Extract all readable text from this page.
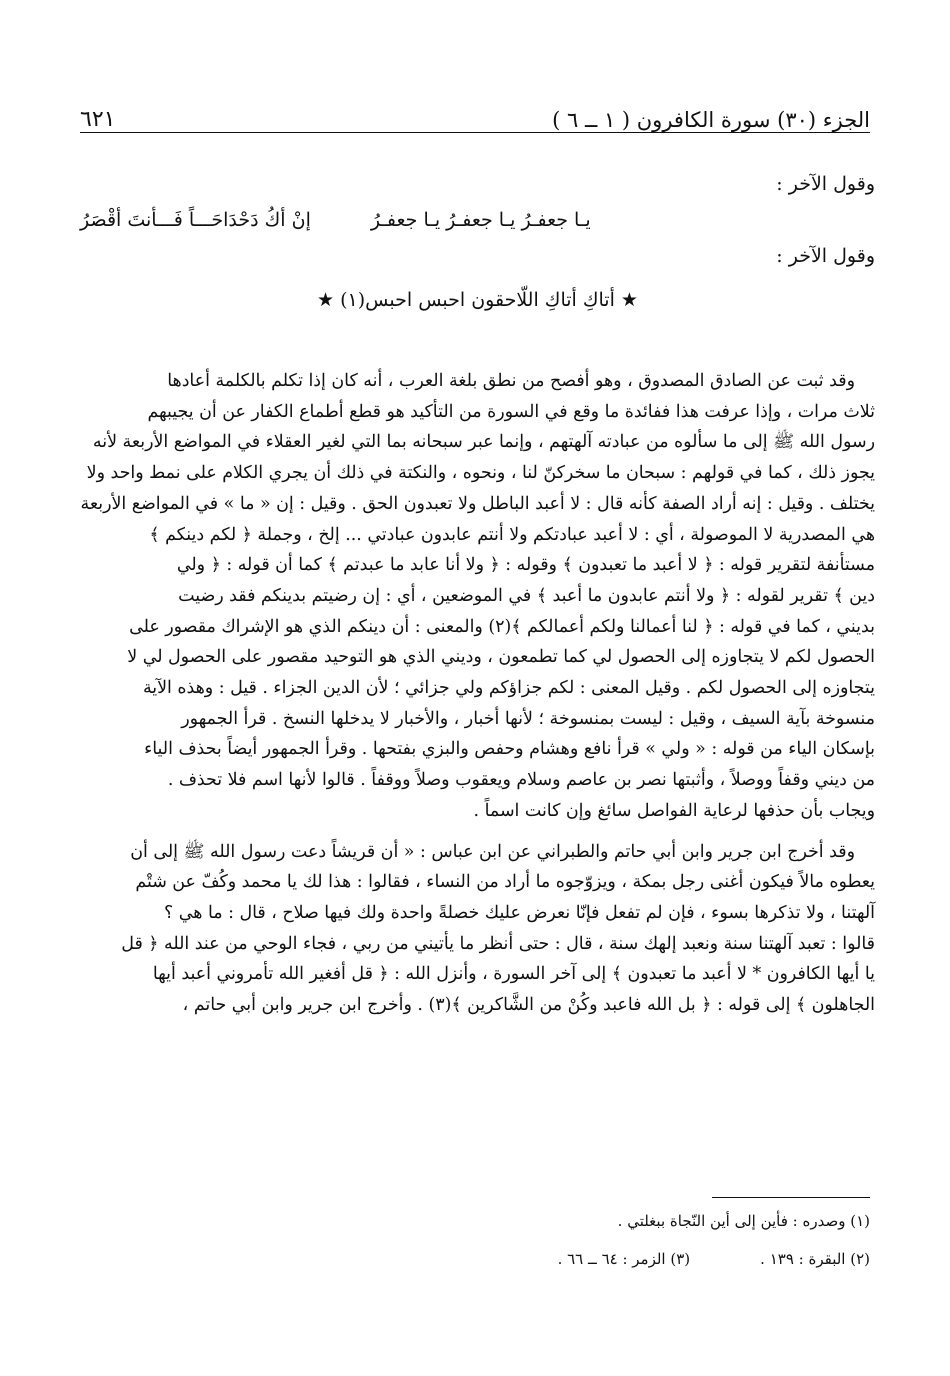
٦٢١	الجزء (٣٠) سورة الكافرون ( ١ ــ ٦ )
وقول الآخر :
يـا جعفـرُ يـا جعفـرُ يـا جعفـرُ
إنْ أكُ دَحْدَاحَـــاً فَـــأنتَ أقْصَرُ
وقول الآخر :
★ أتاكِ أتاكِ اللّاحقون احبس احبس(١) ★

وقد ثبت عن الصادق المصدوق ، وهو أفصح من نطق بلغة العرب ، أنه كان إذا تكلم بالكلمة أعادها
ثلاث مرات ، وإذا عرفت هذا ففائدة ما وقع في السورة من التأكيد هو قطع أطماع الكفار عن أن يجيبهم
رسول الله ﷺ إلى ما سألوه من عبادته آلهتهم ، وإنما عبر سبحانه بما التي لغير العقلاء في المواضع الأربعة لأنه
يجوز ذلك ، كما في قولهم : سبحان ما سخركنّ لنا ، ونحوه ، والنكتة في ذلك أن يجري الكلام على نمط واحد ولا
يختلف . وقيل : إنه أراد الصفة كأنه قال : لا أعبد الباطل ولا تعبدون الحق . وقيل : إن « ما » في المواضع الأربعة
هي المصدرية لا الموصولة ، أي : لا أعبد عبادتكم ولا أنتم عابدون عبادتي ... إلخ ، وجملة ﴿ لكم دينكم ﴾
مستأنفة لتقرير قوله : ﴿ لا أعبد ما تعبدون ﴾ وقوله : ﴿ ولا أنا عابد ما عبدتم ﴾ كما أن قوله : ﴿ ولي
دين ﴾ تقرير لقوله : ﴿ ولا أنتم عابدون ما أعبد ﴾ في الموضعين ، أي : إن رضيتم بدينكم فقد رضيت
بديني ، كما في قوله : ﴿ لنا أعمالنا ولكم أعمالكم ﴾(٢) والمعنى : أن دينكم الذي هو الإشراك مقصور على
الحصول لكم لا يتجاوزه إلى الحصول لي كما تطمعون ، وديني الذي هو التوحيد مقصور على الحصول لي لا
يتجاوزه إلى الحصول لكم . وقيل المعنى : لكم جزاؤكم ولي جزائي ؛ لأن الدين الجزاء . قيل : وهذه الآية
منسوخة بآية السيف ، وقيل : ليست بمنسوخة ؛ لأنها أخبار ، والأخبار لا يدخلها النسخ . قرأ الجمهور
بإسكان الياء من قوله : « ولي » قرأ نافع وهشام وحفص والبزي بفتحها . وقرأ الجمهور أيضاً بحذف الياء
من ديني وقفاً ووصلاً ، وأثبتها نصر بن عاصم وسلام ويعقوب وصلاً ووقفاً . قالوا لأنها اسم فلا تحذف .
ويجاب بأن حذفها لرعاية الفواصل سائغ وإن كانت اسماً .

وقد أخرج ابن جرير وابن أبي حاتم والطبراني عن ابن عباس : « أن قريشاً دعت رسول الله ﷺ إلى أن
يعطوه مالاً فيكون أغنى رجل بمكة ، ويزوّجوه ما أراد من النساء ، فقالوا : هذا لك يا محمد وكُفّ عن شتْم
آلهتنا ، ولا تذكرها بسوء ، فإن لم تفعل فإنّا نعرض عليك خصلةً واحدة ولك فيها صلاح ، قال : ما هي ؟
قالوا : تعبد آلهتنا سنة ونعبد إلهك سنة ، قال : حتى أنظر ما يأتيني من ربي ، فجاء الوحي من عند الله ﴿ قل
يا أيها الكافرون * لا أعبد ما تعبدون ﴾ إلى آخر السورة ، وأنزل الله : ﴿ قل أفغير الله تأمروني أعبد أيها
الجاهلون ﴾ إلى قوله : ﴿ بل الله فاعبد وكُنْ من الشَّاكرين ﴾(٣) . وأخرج ابن جرير وابن أبي حاتم ،

(١) وصدره : فأين إلى أين النّجاة ببغلتي .
(٢) البقرة : ١٣٩ .
(٣) الزمر : ٦٤ ــ ٦٦ .
